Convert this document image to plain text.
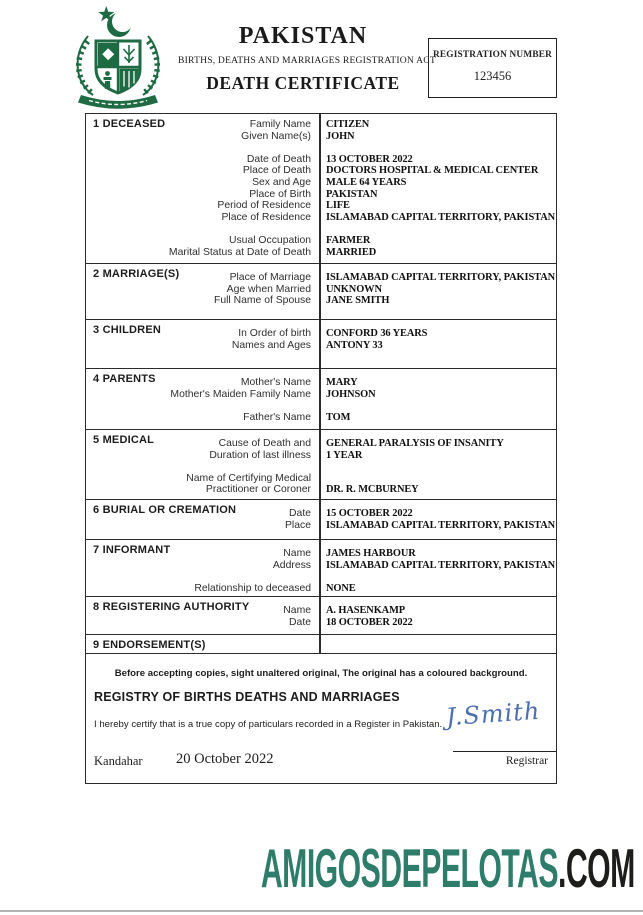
PAKISTAN
BIRTHS, DEATHS AND MARRIAGES REGISTRATION ACT
DEATH CERTIFICATE
REGISTRATION NUMBER
123456
1 DECEASED	Family Name	CITIZEN
Given Name(s)	JOHN
Date of Death	13 OCTOBER 2022
Place of Death	DOCTORS HOSPITAL & MEDICAL CENTER
Sex and Age	MALE 64 YEARS
Place of Birth	PAKISTAN
Period of Residence	LIFE
Place of Residence	ISLAMABAD CAPITAL TERRITORY, PAKISTAN
Usual Occupation	FARMER
Marital Status at Date of Death	MARRIED
2 MARRIAGE(S)	Place of Marriage	ISLAMABAD CAPITAL TERRITORY, PAKISTAN
Age when Married	UNKNOWN
Full Name of Spouse	JANE SMITH
3 CHILDREN	In Order of birth	CONFORD 36 YEARS
Names and Ages	ANTONY 33
4 PARENTS	Mother's Name	MARY
Mother's Maiden Family Name	JOHNSON
Father's Name	TOM
5 MEDICAL	Cause of Death and	GENERAL PARALYSIS OF INSANITY
Duration of last illness	1 YEAR
Name of Certifying Medical
Practitioner or Coroner	DR. R. MCBURNEY
6 BURIAL OR CREMATION	Date	15 OCTOBER 2022
Place	ISLAMABAD CAPITAL TERRITORY, PAKISTAN
7 INFORMANT	Name	JAMES HARBOUR
Address	ISLAMABAD CAPITAL TERRITORY, PAKISTAN
Relationship to deceased	NONE
8 REGISTERING AUTHORITY	Name	A. HASENKAMP
Date	18 OCTOBER 2022
9 ENDORSEMENT(S)
Before accepting copies, sight unaltered original, The original has a coloured background.
REGISTRY OF BIRTHS DEATHS AND MARRIAGES
I hereby certify that is a true copy of particulars recorded in a Register in Pakistan. J.Smith
Registrar
Kandahar 20 October 2022
AMIGOSDEPELOTAS.COM
